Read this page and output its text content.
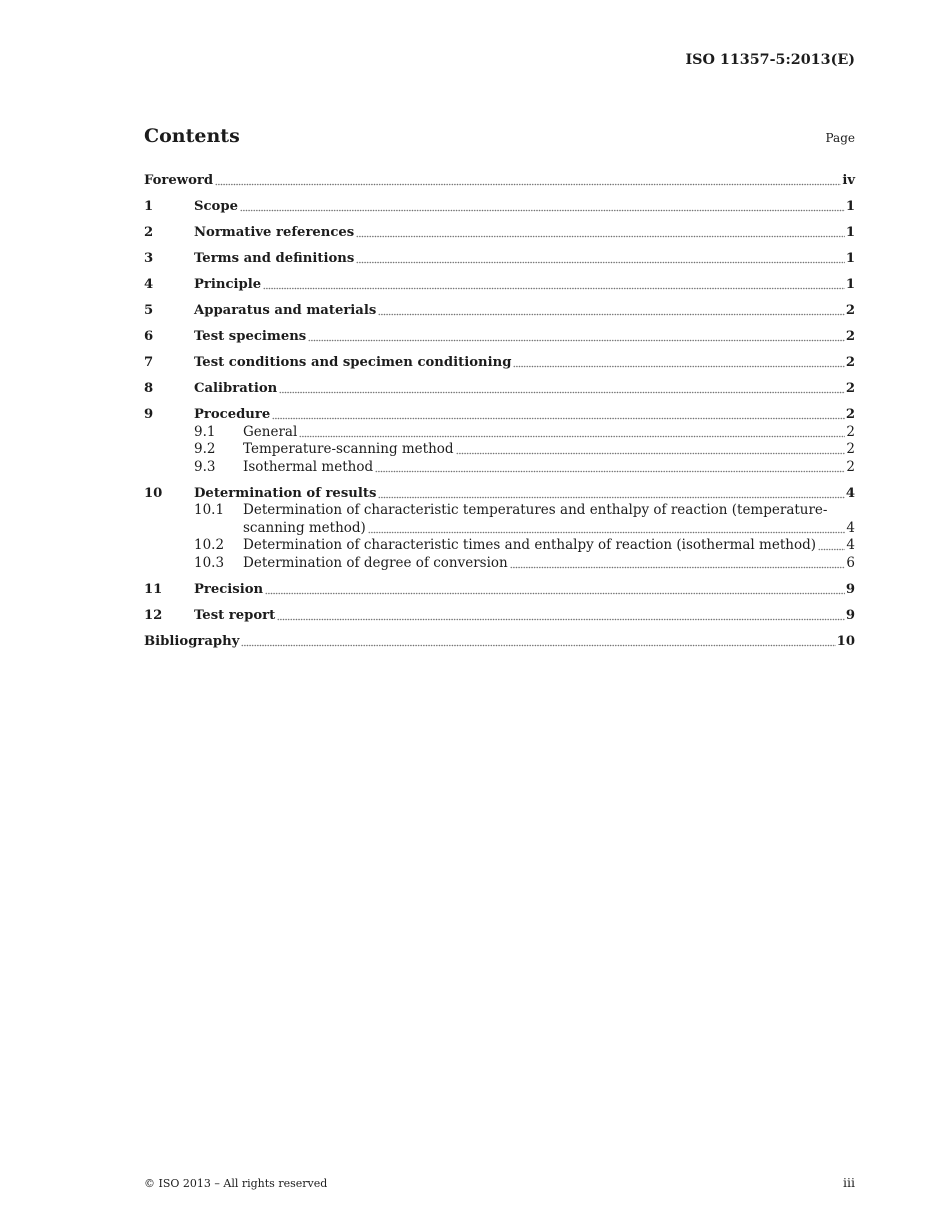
ISO 11357-5:2013(E)
Contents	Page
Foreword	iv
1	Scope	1
2	Normative references	1
3	Terms and definitions	1
4	Principle	1
5	Apparatus and materials	2
6	Test specimens	2
7	Test conditions and specimen conditioning	2
8	Calibration	2
9	Procedure	2
9.1	General	2
9.2	Temperature-scanning method	2
9.3	Isothermal method	2
10	Determination of results	4
10.1	Determination of characteristic temperatures and enthalpy of reaction (temperature-
scanning method)	4
10.2	Determination of characteristic times and enthalpy of reaction (isothermal method) 4
10.3	Determination of degree of conversion	6
11	Precision	9
12	Test report	9
Bibliography	10
© ISO 2013 – All rights reserved	iii
